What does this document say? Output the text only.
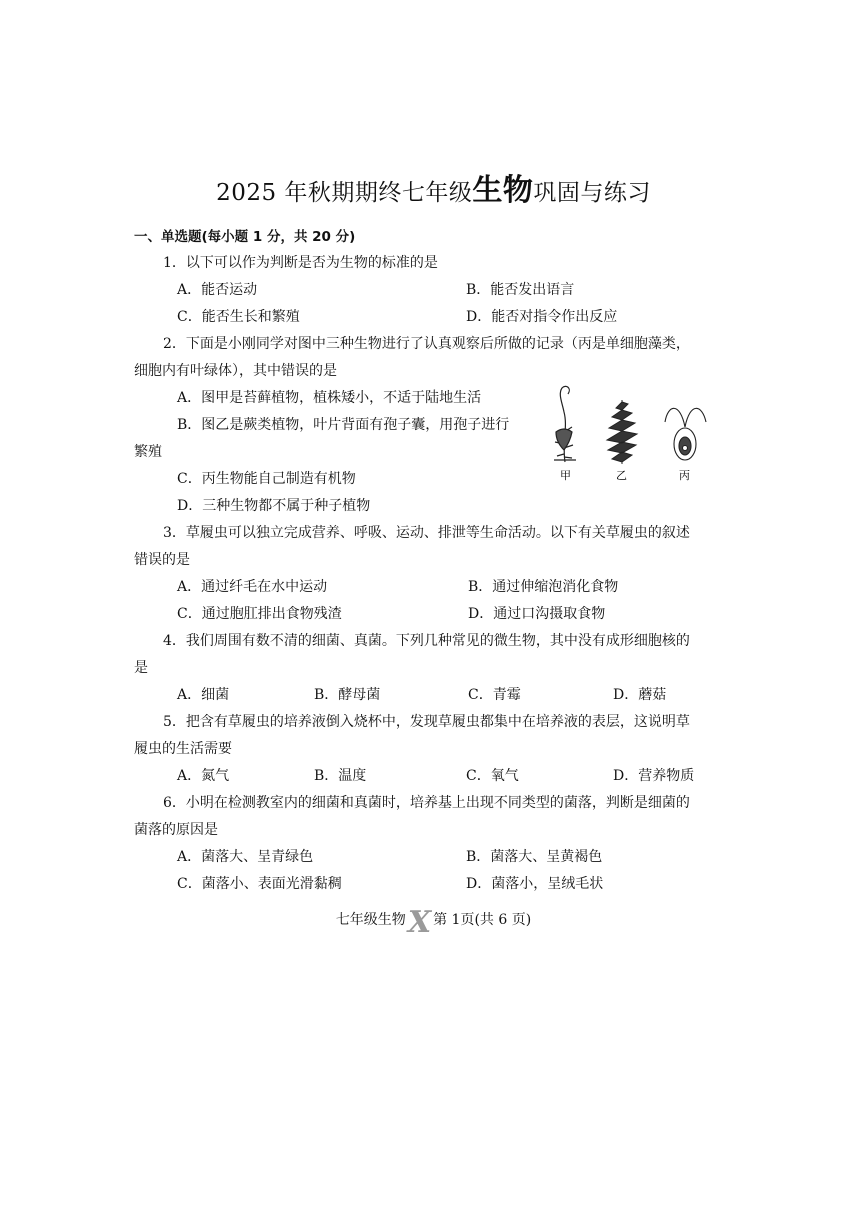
2025 年秋期期终七年级生物巩固与练习
一、单选题(每小题 1 分，共 20 分)
1．以下可以作为判断是否为生物的标准的是
A．能否运动	B．能否发出语言
C．能否生长和繁殖	D．能否对指令作出反应
2．下面是小刚同学对图中三种生物进行了认真观察后所做的记录（丙是单细胞藻类，
细胞内有叶绿体），其中错误的是
A．图甲是苔藓植物，植株矮小，不适于陆地生活
B．图乙是蕨类植物，叶片背面有孢子囊，用孢子进行
繁殖
C．丙生物能自己制造有机物
D．三种生物都不属于种子植物
甲	乙	丙
3．草履虫可以独立完成营养、呼吸、运动、排泄等生命活动。以下有关草履虫的叙述
错误的是
A．通过纤毛在水中运动	B．通过伸缩泡消化食物
C．通过胞肛排出食物残渣	D．通过口沟摄取食物
4．我们周围有数不清的细菌、真菌。下列几种常见的微生物，其中没有成形细胞核的
是
A．细菌	B．酵母菌	C．青霉	D．蘑菇
5．把含有草履虫的培养液倒入烧杯中，发现草履虫都集中在培养液的表层，这说明草
履虫的生活需要
A．氮气	B．温度	C．氧气	D．营养物质
6．小明在检测教室内的细菌和真菌时，培养基上出现不同类型的菌落，判断是细菌的
菌落的原因是
A．菌落大、呈青绿色	B．菌落大、呈黄褐色
C．菌落小、表面光滑黏稠	D．菌落小，呈绒毛状
七年级生物X 第 1页(共 6 页)
